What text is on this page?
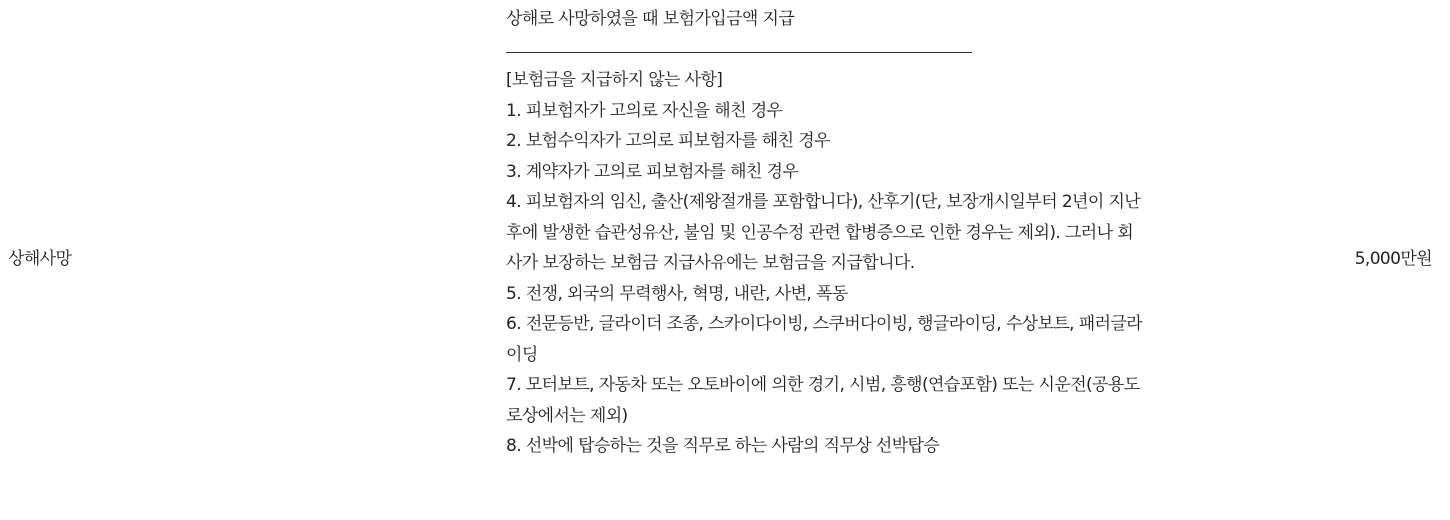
상해사망
상해로 사망하였을 때 보험가입금액 지급
[보험금을 지급하지 않는 사항]
1. 피보험자가 고의로 자신을 해친 경우
2. 보험수익자가 고의로 피보험자를 해친 경우
3. 계약자가 고의로 피보험자를 해친 경우
4. 피보험자의 임신, 출산(제왕절개를 포함합니다), 산후기(단, 보장개시일부터 2년이 지난 후에 발생한 습관성유산, 불임 및 인공수정 관련 합병증으로 인한 경우는 제외). 그러나 회사가 보장하는 보험금 지급사유에는 보험금을 지급합니다.
5. 전쟁, 외국의 무력행사, 혁명, 내란, 사변, 폭동
6. 전문등반, 글라이더 조종, 스카이다이빙, 스쿠버다이빙, 행글라이딩, 수상보트, 패러글라이딩
7. 모터보트, 자동차 또는 오토바이에 의한 경기, 시범, 흥행(연습포함) 또는 시운전(공용도로상에서는 제외)
8. 선박에 탑승하는 것을 직무로 하는 사람의 직무상 선박탑승
5,000만원
